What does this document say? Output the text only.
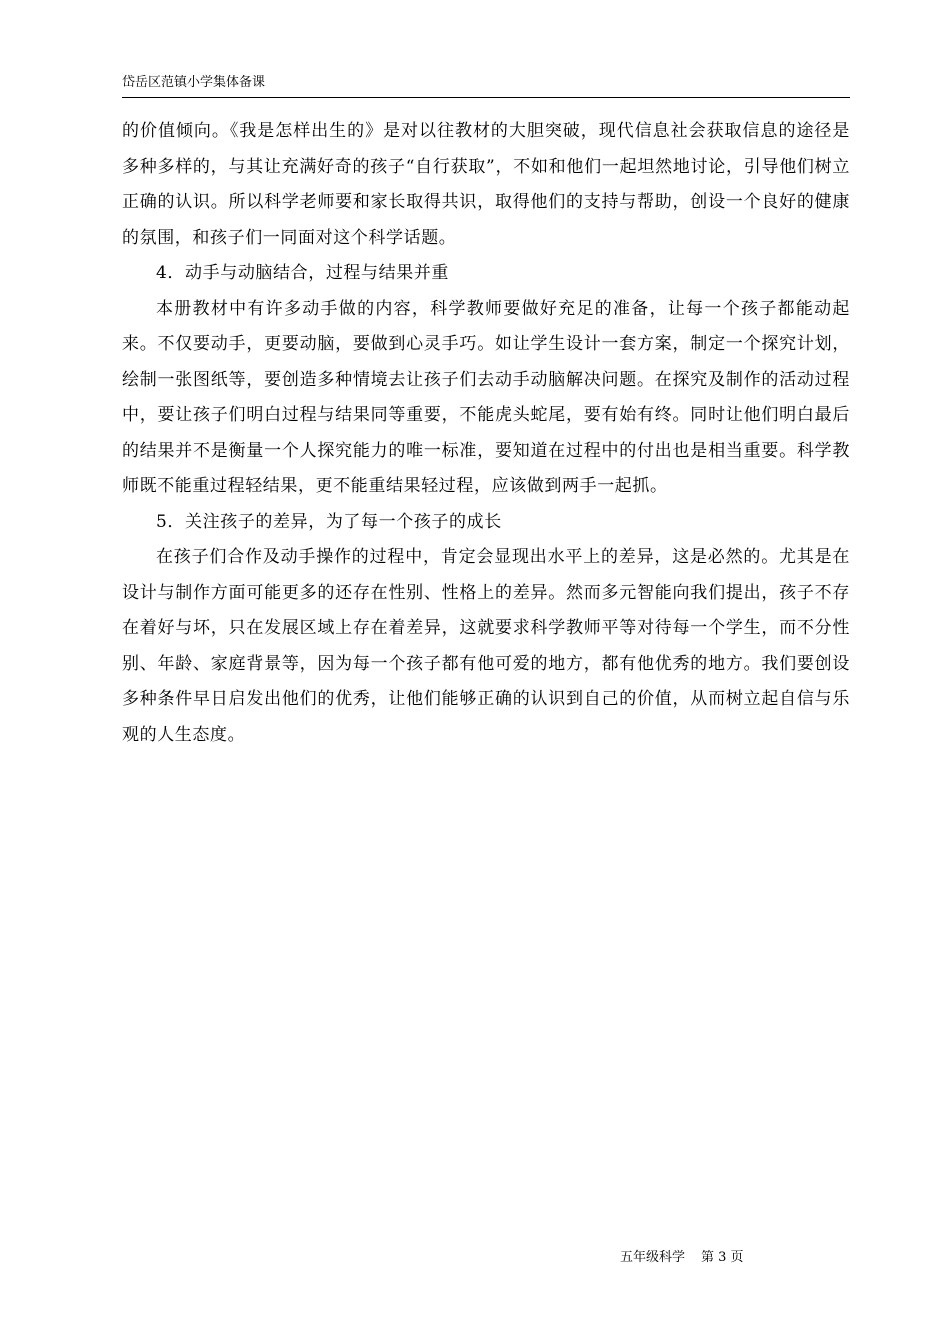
岱岳区范镇小学集体备课

的价值倾向。《我是怎样出生的》是对以往教材的大胆突破，现代信息社会获取信息的途径是多种多样的，与其让充满好奇的孩子“自行获取”，不如和他们一起坦然地讨论，引导他们树立正确的认识。所以科学老师要和家长取得共识，取得他们的支持与帮助，创设一个良好的健康的氛围，和孩子们一同面对这个科学话题。

4．动手与动脑结合，过程与结果并重

本册教材中有许多动手做的内容，科学教师要做好充足的准备，让每一个孩子都能动起来。不仅要动手，更要动脑，要做到心灵手巧。如让学生设计一套方案，制定一个探究计划，绘制一张图纸等，要创造多种情境去让孩子们去动手动脑解决问题。在探究及制作的活动过程中，要让孩子们明白过程与结果同等重要，不能虎头蛇尾，要有始有终。同时让他们明白最后的结果并不是衡量一个人探究能力的唯一标准，要知道在过程中的付出也是相当重要。科学教师既不能重过程轻结果，更不能重结果轻过程，应该做到两手一起抓。

5．关注孩子的差异，为了每一个孩子的成长

在孩子们合作及动手操作的过程中，肯定会显现出水平上的差异，这是必然的。尤其是在设计与制作方面可能更多的还存在性别、性格上的差异。然而多元智能向我们提出，孩子不存在着好与坏，只在发展区域上存在着差异，这就要求科学教师平等对待每一个学生，而不分性别、年龄、家庭背景等，因为每一个孩子都有他可爱的地方，都有他优秀的地方。我们要创设多种条件早日启发出他们的优秀，让他们能够正确的认识到自己的价值，从而树立起自信与乐观的人生态度。

五年级科学 第 3 页
